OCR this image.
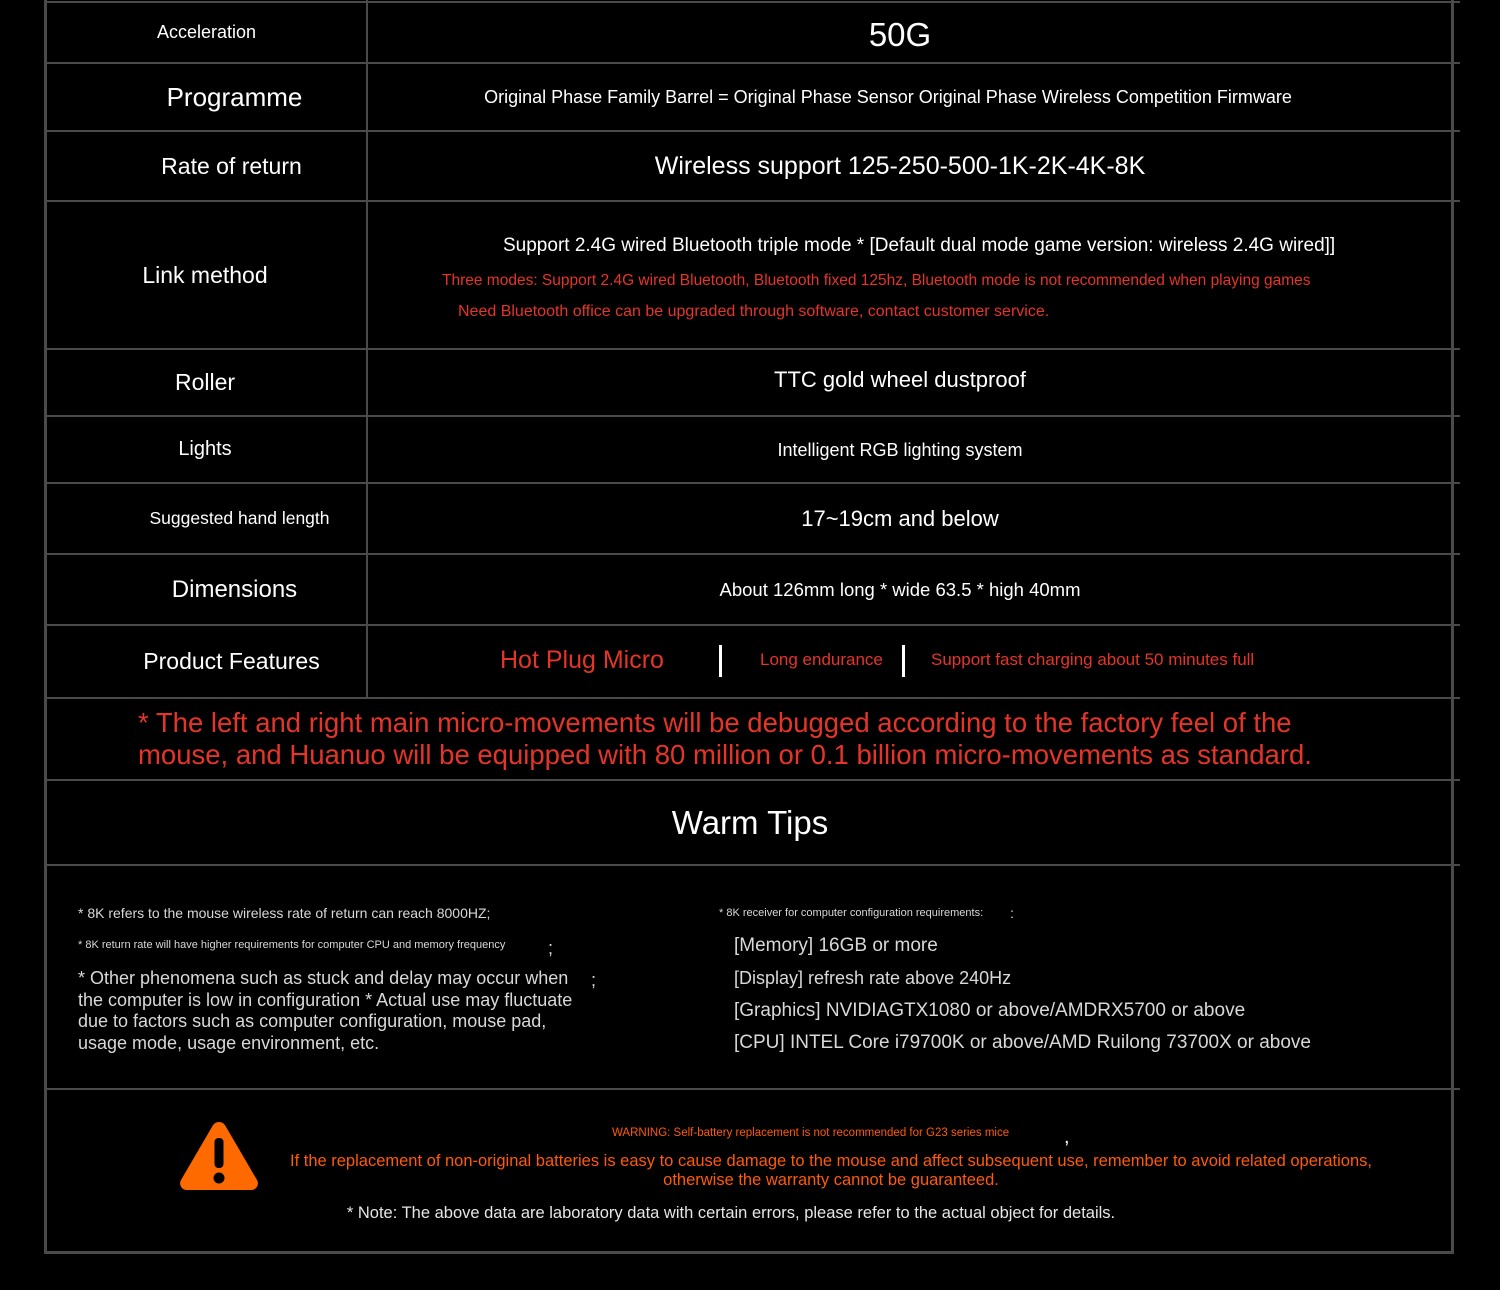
Acceleration	50G
Programme	Original Phase Family Barrel = Original Phase Sensor Original Phase Wireless Competition Firmware
Rate of return	Wireless support 125-250-500-1K-2K-4K-8K
Link method
Support 2.4G wired Bluetooth triple mode * [Default dual mode game version: wireless 2.4G wired]]
Three modes: Support 2.4G wired Bluetooth, Bluetooth fixed 125hz, Bluetooth mode is not recommended when playing games
Need Bluetooth office can be upgraded through software, contact customer service.
Roller	TTC gold wheel dustproof
Lights	Intelligent RGB lighting system
Suggested hand length	17~19cm and below
Dimensions	About 126mm long * wide 63.5 * high 40mm
Product Features	Hot Plug Micro	Long endurance	Support fast charging about 50 minutes full
* The left and right main micro-movements will be debugged according to the factory feel of the
mouse, and Huanuo will be equipped with 80 million or 0.1 billion micro-movements as standard.
Warm Tips
* 8K refers to the mouse wireless rate of return can reach 8000HZ;
* 8K return rate will have higher requirements for computer CPU and memory frequency ;
* Other phenomena such as stuck and delay may occur when the computer is low in configuration * Actual use may fluctuate due to factors such as computer configuration, mouse pad, usage mode, usage environment, etc.
;
* 8K receiver for computer configuration requirements: :
[Memory] 16GB or more
[Display] refresh rate above 240Hz
[Graphics] NVIDIAGTX1080 or above/AMDRX5700 or above
[CPU] INTEL Core i79700K or above/AMD Ruilong 73700X or above
WARNING: Self-battery replacement is not recommended for G23 series mice	,
If the replacement of non-original batteries is easy to cause damage to the mouse and affect subsequent use, remember to avoid related operations,
otherwise the warranty cannot be guaranteed.
* Note: The above data are laboratory data with certain errors, please refer to the actual object for details.
